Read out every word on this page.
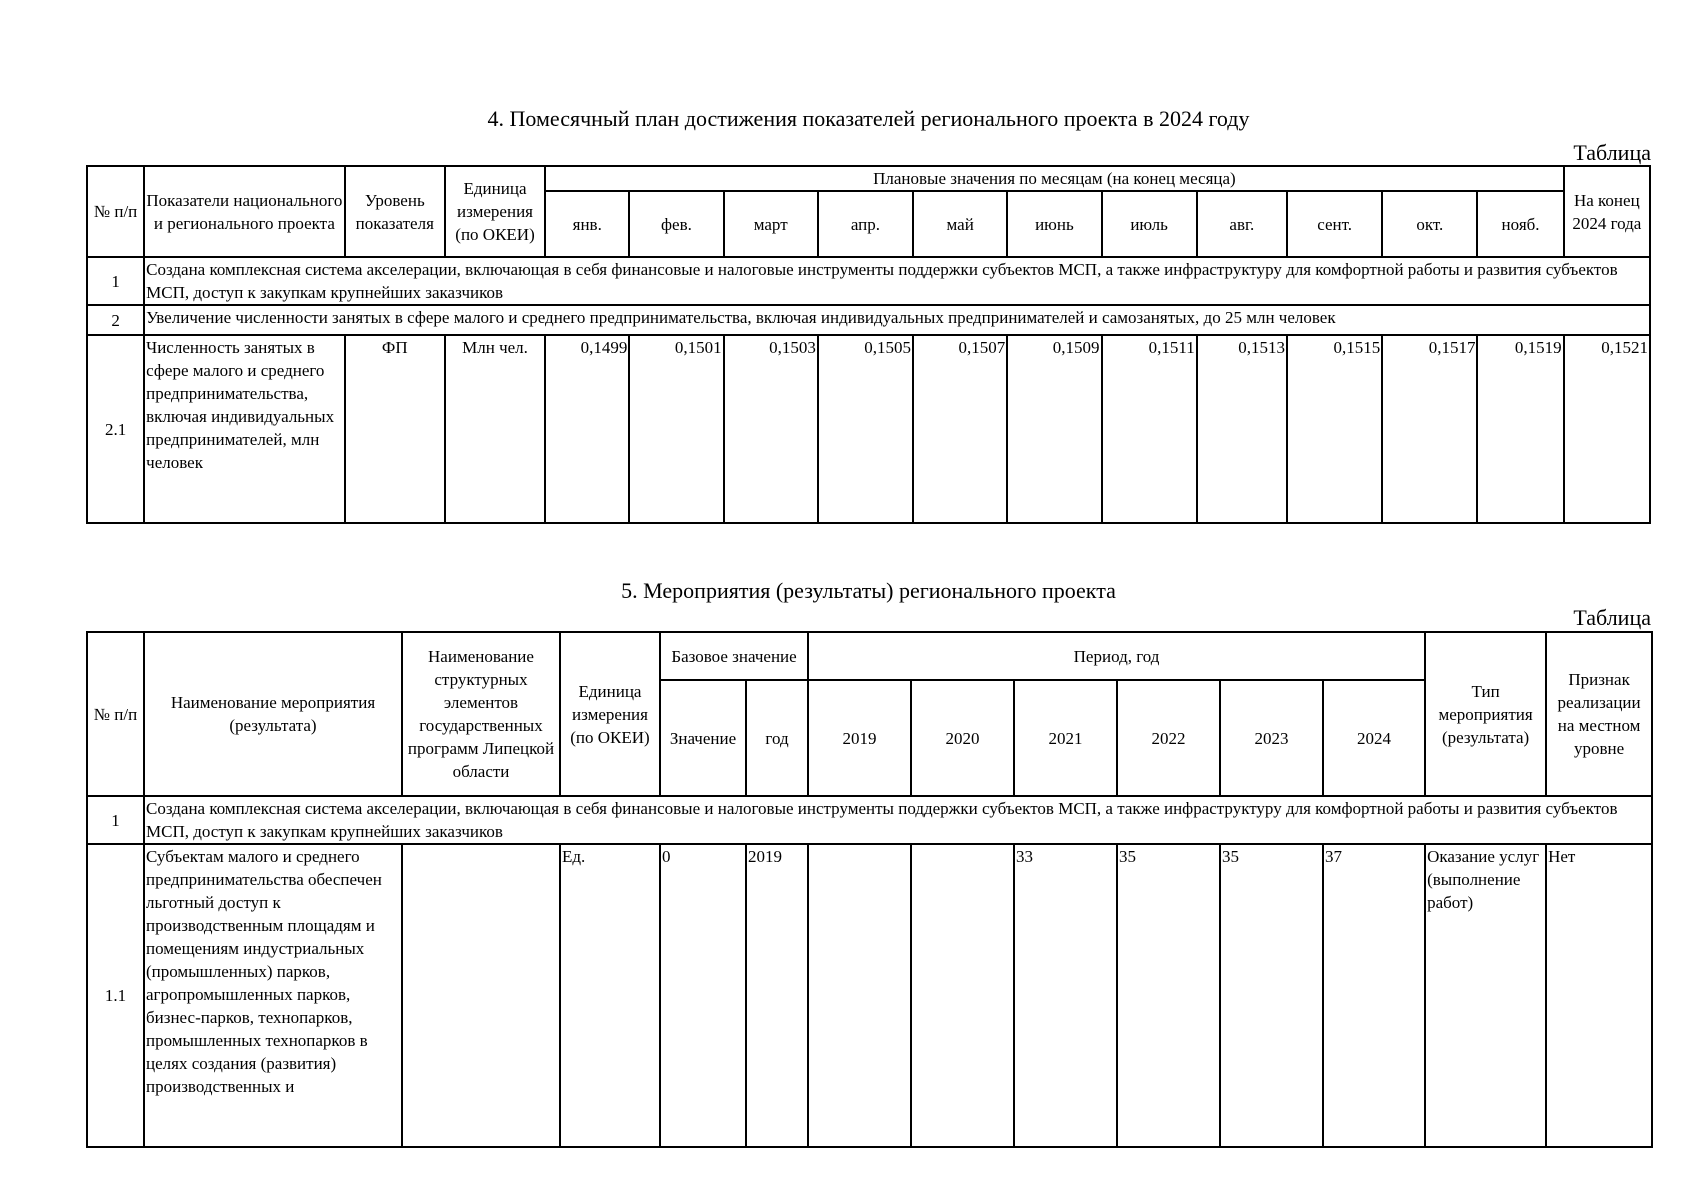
4. Помесячный план достижения показателей регионального проекта в 2024 году
Таблица
№ п/п	Показатели национального и регионального проекта	Уровень показателя	Единица измерения (по ОКЕИ)	Плановые значения по месяцам (на конец месяца)											На конец 2024 года
				янв.	фев.	март	апр.	май	июнь	июль	авг.	сент.	окт.	нояб.	
1	Создана комплексная система акселерации, включающая в себя финансовые и налоговые инструменты поддержки субъектов МСП, а также инфраструктуру для комфортной работы и развития субъектов МСП, доступ к закупкам крупнейших заказчиков														
2	Увеличение численности занятых в сфере малого и среднего предпринимательства, включая индивидуальных предпринимателей и самозанятых, до 25 млн человек														
2.1	Численность занятых в сфере малого и среднего предпринимательства, включая индивидуальных предпринимателей, млн человек	ФП	Млн чел.	0,1499	0,1501	0,1503	0,1505	0,1507	0,1509	0,1511	0,1513	0,1515	0,1517	0,1519	0,1521
5. Мероприятия (результаты) регионального проекта
Таблица
№ п/п	Наименование мероприятия (результата)	Наименование структурных элементов государственных программ Липецкой области	Единица измерения (по ОКЕИ)	Базовое значение		Период, год						Тип мероприятия (результата)	Признак реализации на местном уровне
				Значение	год	2019	2020	2021	2022	2023	2024		
1	Создана комплексная система акселерации, включающая в себя финансовые и налоговые инструменты поддержки субъектов МСП, а также инфраструктуру для комфортной работы и развития субъектов МСП, доступ к закупкам крупнейших заказчиков												
1.1	Субъектам малого и среднего предпринимательства обеспечен льготный доступ к производственным площадям и помещениям индустриальных (промышленных) парков, агропромышленных парков, бизнес-парков, технопарков, промышленных технопарков в целях создания (развития) производственных и		Ед.	0	2019			33	35	35	37	Оказание услуг (выполнение работ)	Нет
